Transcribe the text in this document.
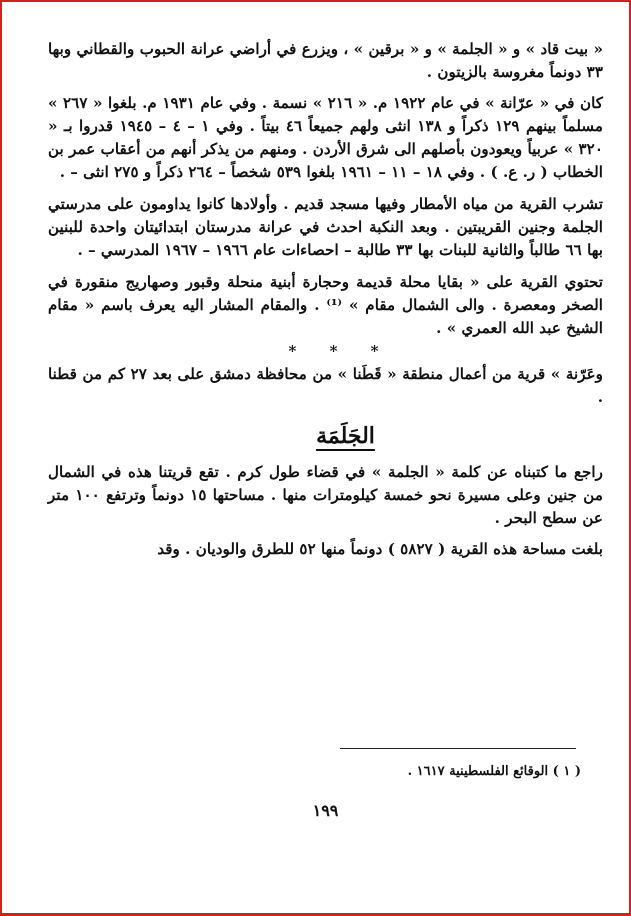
« بيت قاد » و « الجلمة » و « برقين » ، ويزرع في أراضي عرانة الحبوب والقطاني وبها ٣٣ دونماً مغروسة بالزيتون .

كان في « عرّانة » في عام ١٩٢٢ م. « ٢١٦ » نسمة . وفي عام ١٩٣١ م. بلغوا « ٢٦٧ » مسلماً بينهم ١٢٩ ذكراً و ١٣٨ انثى ولهم جميعاً ٤٦ بيتاً . وفي ١ – ٤ – ١٩٤٥ قدروا بـ « ٣٢٠ » عربياً ويعودون بأصلهم الى شرق الأردن . ومنهم من يذكر أنهم من أعقاب عمر بن الخطاب ( ر. ع. ) . وفي ١٨ – ١١ – ١٩٦١ بلغوا ٥٣٩ شخصاً – ٢٦٤ ذكراً و ٢٧٥ انثى – .

تشرب القرية من مياه الأمطار وفيها مسجد قديم . وأولادها كانوا يداومون على مدرستي الجلمة وجنين القريبتين . وبعد النكبة احدث في عرانة مدرستان ابتدائيتان واحدة للبنين بها ٦٦ طالباً والثانية للبنات بها ٣٣ طالبة – احصاءات عام ١٩٦٦ – ١٩٦٧ المدرسي – .

تحتوي القرية على « بقايا محلة قديمة وحجارة أبنية منحلة وقبور وصهاريج منقورة في الصخر ومعصرة . والى الشمال مقام » ⁽¹⁾ . والمقام المشار اليه يعرف باسم « مقام الشيخ عبد الله العمري » .

* * *

وعَرّنة » قرية من أعمال منطقة « قَطَنا » من محافظة دمشق على بعد ٢٧ كم من قطنا .

الجَلَمَة

راجع ما كتبناه عن كلمة « الجلمة » في قضاء طول كرم . تقع قريتنا هذه في الشمال من جنين وعلى مسيرة نحو خمسة كيلومترات منها . مساحتها ١٥ دونماً وترتفع ١٠٠ متر عن سطح البحر .

بلغت مساحة هذه القرية ( ٥٨٢٧ ) دونماً منها ٥٢ للطرق والوديان . وقد

( ١ ) الوقائع الفلسطينية ١٦١٧ .
١٩٩
